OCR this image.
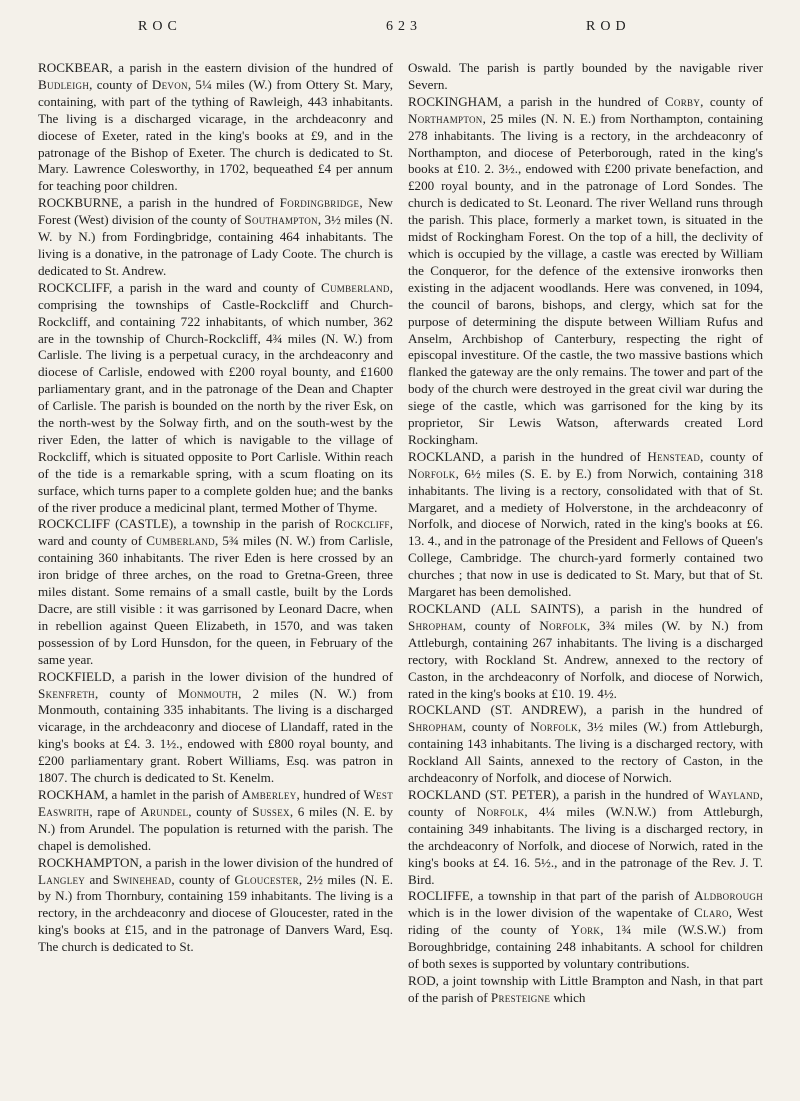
ROC	623	ROD

ROCKBEAR, a parish in the eastern division of the hundred of Budleigh, county of Devon, 5¼ miles (W.) from Ottery St. Mary, containing, with part of the tything of Rawleigh, 443 inhabitants. The living is a discharged vicarage, in the archdeaconry and diocese of Exeter, rated in the king's books at £9, and in the patronage of the Bishop of Exeter. The church is dedicated to St. Mary. Lawrence Colesworthy, in 1702, bequeathed £4 per annum for teaching poor children.

ROCKBURNE, a parish in the hundred of Fordingbridge, New Forest (West) division of the county of Southampton, 3½ miles (N. W. by N.) from Fordingbridge, containing 464 inhabitants. The living is a donative, in the patronage of Lady Coote. The church is dedicated to St. Andrew.

ROCKCLIFF, a parish in the ward and county of Cumberland, comprising the townships of Castle-Rockcliff and Church-Rockcliff, and containing 722 inhabitants, of which number, 362 are in the township of Church-Rockcliff, 4¾ miles (N. W.) from Carlisle. The living is a perpetual curacy, in the archdeaconry and diocese of Carlisle, endowed with £200 royal bounty, and £1600 parliamentary grant, and in the patronage of the Dean and Chapter of Carlisle. The parish is bounded on the north by the river Esk, on the north-west by the Solway firth, and on the south-west by the river Eden, the latter of which is navigable to the village of Rockcliff, which is situated opposite to Port Carlisle. Within reach of the tide is a remarkable spring, with a scum floating on its surface, which turns paper to a complete golden hue; and the banks of the river produce a medicinal plant, termed Mother of Thyme.

ROCKCLIFF (CASTLE), a township in the parish of Rockcliff, ward and county of Cumberland, 5¾ miles (N. W.) from Carlisle, containing 360 inhabitants. The river Eden is here crossed by an iron bridge of three arches, on the road to Gretna-Green, three miles distant. Some remains of a small castle, built by the Lords Dacre, are still visible : it was garrisoned by Leonard Dacre, when in rebellion against Queen Elizabeth, in 1570, and was taken possession of by Lord Hunsdon, for the queen, in February of the same year.

ROCKFIELD, a parish in the lower division of the hundred of Skenfreth, county of Monmouth, 2 miles (N. W.) from Monmouth, containing 335 inhabitants. The living is a discharged vicarage, in the archdeaconry and diocese of Llandaff, rated in the king's books at £4. 3. 1½., endowed with £800 royal bounty, and £200 parliamentary grant. Robert Williams, Esq. was patron in 1807. The church is dedicated to St. Kenelm.

ROCKHAM, a hamlet in the parish of Amberley, hundred of West Easwrith, rape of Arundel, county of Sussex, 6 miles (N. E. by N.) from Arundel. The population is returned with the parish. The chapel is demolished.

ROCKHAMPTON, a parish in the lower division of the hundred of Langley and Swinehead, county of Gloucester, 2½ miles (N. E. by N.) from Thornbury, containing 159 inhabitants. The living is a rectory, in the archdeaconry and diocese of Gloucester, rated in the king's books at £15, and in the patronage of Danvers Ward, Esq. The church is dedicated to St.

Oswald. The parish is partly bounded by the navigable river Severn.

ROCKINGHAM, a parish in the hundred of Corby, county of Northampton, 25 miles (N. N. E.) from Northampton, containing 278 inhabitants. The living is a rectory, in the archdeaconry of Northampton, and diocese of Peterborough, rated in the king's books at £10. 2. 3½., endowed with £200 private benefaction, and £200 royal bounty, and in the patronage of Lord Sondes. The church is dedicated to St. Leonard. The river Welland runs through the parish. This place, formerly a market town, is situated in the midst of Rockingham Forest. On the top of a hill, the declivity of which is occupied by the village, a castle was erected by William the Conqueror, for the defence of the extensive ironworks then existing in the adjacent woodlands. Here was convened, in 1094, the council of barons, bishops, and clergy, which sat for the purpose of determining the dispute between William Rufus and Anselm, Archbishop of Canterbury, respecting the right of episcopal investiture. Of the castle, the two massive bastions which flanked the gateway are the only remains. The tower and part of the body of the church were destroyed in the great civil war during the siege of the castle, which was garrisoned for the king by its proprietor, Sir Lewis Watson, afterwards created Lord Rockingham.

ROCKLAND, a parish in the hundred of Henstead, county of Norfolk, 6½ miles (S. E. by E.) from Norwich, containing 318 inhabitants. The living is a rectory, consolidated with that of St. Margaret, and a mediety of Holverstone, in the archdeaconry of Norfolk, and diocese of Norwich, rated in the king's books at £6. 13. 4., and in the patronage of the President and Fellows of Queen's College, Cambridge. The church-yard formerly contained two churches ; that now in use is dedicated to St. Mary, but that of St. Margaret has been demolished.

ROCKLAND (ALL SAINTS), a parish in the hundred of Shropham, county of Norfolk, 3¾ miles (W. by N.) from Attleburgh, containing 267 inhabitants. The living is a discharged rectory, with Rockland St. Andrew, annexed to the rectory of Caston, in the archdeaconry of Norfolk, and diocese of Norwich, rated in the king's books at £10. 19. 4½.

ROCKLAND (ST. ANDREW), a parish in the hundred of Shropham, county of Norfolk, 3½ miles (W.) from Attleburgh, containing 143 inhabitants. The living is a discharged rectory, with Rockland All Saints, annexed to the rectory of Caston, in the archdeaconry of Norfolk, and diocese of Norwich.

ROCKLAND (ST. PETER), a parish in the hundred of Wayland, county of Norfolk, 4¼ miles (W.N.W.) from Attleburgh, containing 349 inhabitants. The living is a discharged rectory, in the archdeaconry of Norfolk, and diocese of Norwich, rated in the king's books at £4. 16. 5½., and in the patronage of the Rev. J. T. Bird.

ROCLIFFE, a township in that part of the parish of Aldborough which is in the lower division of the wapentake of Claro, West riding of the county of York, 1¾ mile (W.S.W.) from Boroughbridge, containing 248 inhabitants. A school for children of both sexes is supported by voluntary contributions.

ROD, a joint township with Little Brampton and Nash, in that part of the parish of Presteigne which
